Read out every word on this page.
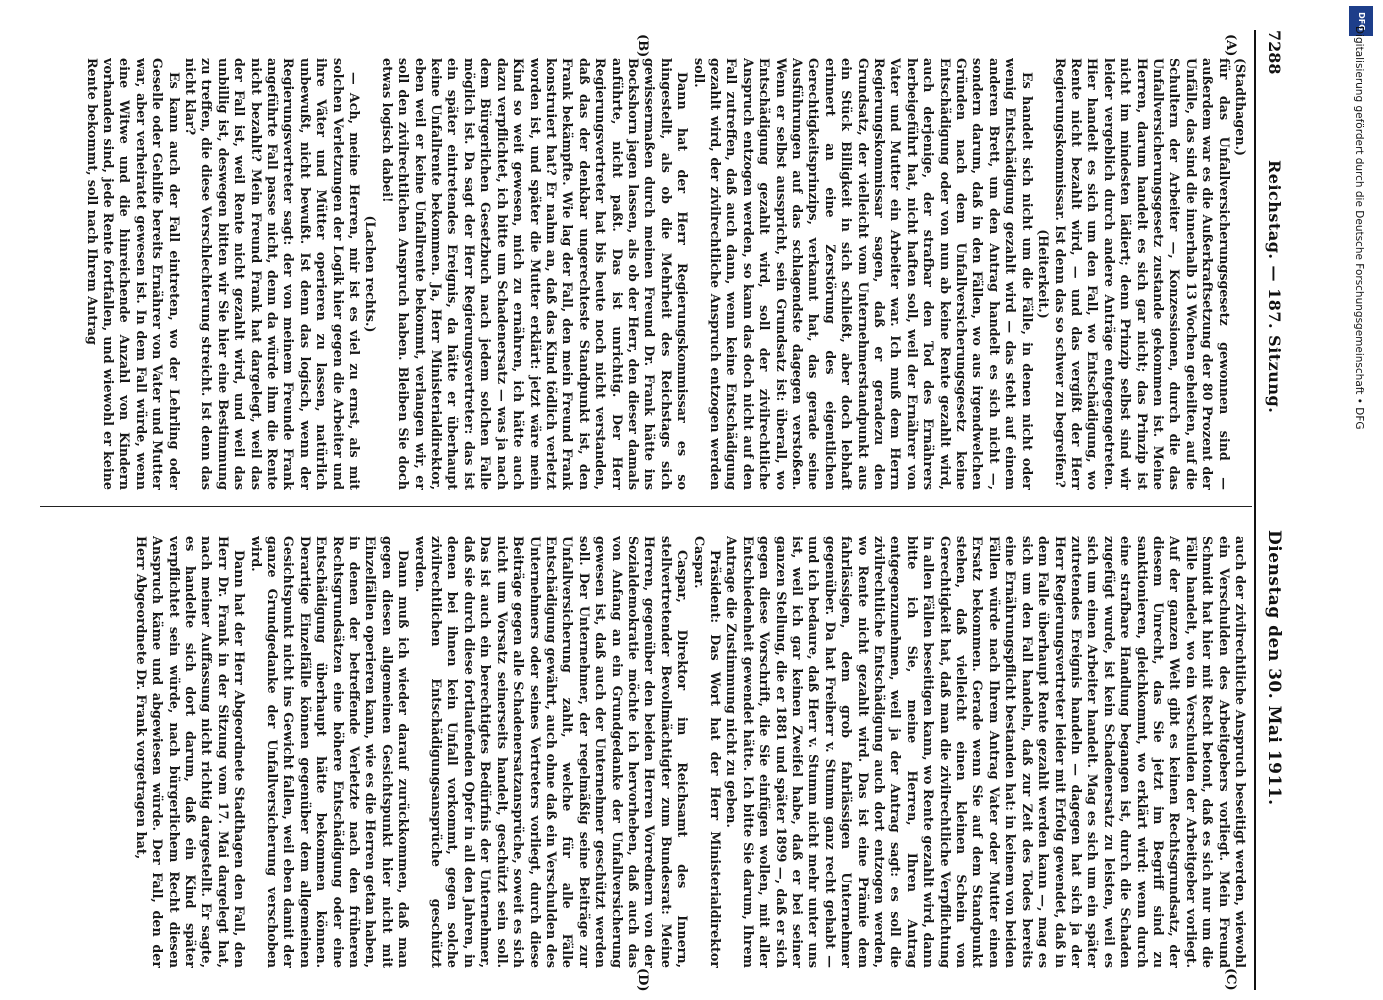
7288
Reichstag. — 187. Sitzung.
Dienstag den 30. Mai 1911.
(A)
(B)
(C)
(D)

(Stadthagen.)

für das Unfallversicherungsgesetz gewonnen sind — außerdem war es die Außerkraftsetzung der 80 Prozent der Unfälle, das sind die innerhalb 13 Wochen geheilten, auf die Schultern der Arbeiter —, Konzessionen, durch die das Unfallversicherungsgesetz zustande gekommen ist. Meine Herren, darum handelt es sich gar nicht; das Prinzip ist nicht im mindesten lädiert; denn Prinzip selbst sind wir leider vergeblich durch andere Anträge entgegengetreten. Hier handelt es sich um den Fall, wo Entschädigung, wo Rente nicht bezahlt wird, — und das vergißt der Herr Regierungskommissar. Ist denn das so schwer zu begreifen?

(Heiterkeit.)

Es handelt sich nicht um die Fälle, in denen nicht oder wenig Entschädigung gezahlt wird — das steht auf einem anderen Brett, um den Antrag handelt es sich nicht —, sondern darum, daß in den Fällen, wo aus irgendwelchen Gründen nach dem Unfallversicherungsgesetz keine Entschädigung oder von nun ab keine Rente gezahlt wird, auch derjenige, der strafbar den Tod des Ernährers herbeigeführt hat, nicht haften soll, weil der Ernährer von Vater und Mutter ein Arbeiter war. Ich muß dem Herrn Regierungskommissar sagen, daß er geradezu den Grundsatz, der vielleicht vom Unternehmerstandpunkt aus ein Stück Billigkeit in sich schließt, aber doch lebhaft erinnert an eine Zerstörung des eigentlichen Gerechtigkeitsprinzips, verkannt hat, das gerade seine Ausführungen auf das schlagendste dagegen verstoßen. Wenn er selbst ausspricht, sein Grundsatz ist: überall, wo Entschädigung gezahlt wird, soll der zivilrechtliche Anspruch entzogen werden, so kann das doch nicht auf den Fall zutreffen, daß auch dann, wenn keine Entschädigung gezahlt wird, der zivilrechtliche Anspruch entzogen werden soll.

Dann hat der Herr Regierungskommissar es so hingestellt, als ob die Mehrheit des Reichstags sich gewissermaßen durch meinen Freund Dr. Frank hätte ins Bockshorn jagen lassen, als ob der Herr, den dieser damals anführte, nicht paßt. Das ist unrichtig. Der Herr Regierungsvertreter hat bis heute noch nicht verstanden, daß das der denkbar ungerechteste Standpunkt ist, den Frank bekämpfte. Wie lag der Fall, den mein Freund Frank konstruiert hat? Er nahm an, daß das Kind tödlich verletzt worden ist, und später die Mutter erklärt: jetzt wäre mein Kind so weit gewesen, mich zu ernähren, ich hätte auch dazu verpflichtet, ich bitte um Schadenersatz — was ja nach dem Bürgerlichen Gesetzbuch nach jedem solchen Falle möglich ist. Da sagt der Herr Regierungsvertreter: das ist ein später eintretendes Ereignis, da hätte er überhaupt keine Unfallrente bekommen. Ja, Herr Ministerialdirektor, eben weil er keine Unfallrente bekommt, verlangen wir, er soll den zivilrechtlichen Anspruch haben. Bleiben Sie doch etwas logisch dabei!

(Lachen rechts.)

— Ach, meine Herren, mir ist es viel zu ernst, als mit solchen Verletzungen der Logik hier gegen die Arbeiter und ihre Väter und Mütter operieren zu lassen, natürlich unbewußt, nicht bewußt. Ist denn das logisch, wenn der Regierungsvertreter sagt: der von meinem Freunde Frank angeführte Fall passe nicht, denn da würde ihm die Rente nicht bezahlt? Mein Freund Frank hat dargelegt, weil das der Fall ist, weil Rente nicht gezahlt wird, und weil das unbillig ist, deswegen bitten wir Sie hier eine Bestimmung zu treffen, die diese Verschlechterung streicht. Ist denn das nicht klar?

Es kann auch der Fall eintreten, wo der Lehrling oder Geselle oder Gehilfe bereits Ernährer von Vater und Mutter war, aber verheiratet gewesen ist. In dem Fall würde, wenn eine Witwe und die hinreichende Anzahl von Kindern vorhanden sind, jede Rente fortfallen, und wiewohl er keine Rente bekommt, soll nach Ihrem Antrag

auch der zivilrechtliche Anspruch beseitigt werden, wiewohl ein Verschulden des Arbeitgebers vorliegt. Mein Freund Schmidt hat hier mit Recht betont, daß es sich nur um die Fälle handelt, wo ein Verschulden der Arbeitgeber vorliegt. Auf der ganzen Welt gibt es keinen Rechtsgrundsatz, der diesem Unrecht, das Sie jetzt im Begriff sind zu sanktionieren, gleichkommt, wo erklärt wird: wenn durch eine strafbare Handlung begangen ist, durch die Schaden zugefügt wurde, ist kein Schadenersatz zu leisten, weil es sich um einen Arbeiter handelt. Mag es sich um ein später zutretendes Ereignis handeln — dagegen hat sich ja der Herr Regierungsvertreter leider mit Erfolg gewendet, daß in dem Falle überhaupt Rente gezahlt werden kann —, mag es sich um den Fall handeln, daß zur Zeit des Todes bereits eine Ernährungspflicht bestanden hat: in keinem von beiden Fällen würde nach Ihrem Antrag Vater oder Mutter einen Ersatz bekommen. Gerade wenn Sie auf dem Standpunkt stehen, daß vielleicht einen kleinen Schein von Gerechtigkeit hat, daß man die zivilrechtliche Verpflichtung in allen Fällen beseitigen kann, wo Rente gezahlt wird, dann bitte ich Sie, meine Herren, Ihren Antrag entgegenzunehmen, weil ja der Antrag sagt: es soll die zivilrechtliche Entschädigung auch dort entzogen werden, wo Rente nicht gezahlt wird. Das ist eine Prämie dem fahrlässigen, dem grob fahrlässigen Unternehmer gegenüber. Da hat Freiherr v. Stumm ganz recht gehabt — und ich bedaure, daß Herr v. Stumm nicht mehr unter uns ist, weil ich gar keinen Zweifel habe, daß er bei seiner ganzen Stellung, die er 1881 und später 1899 —, daß er sich gegen diese Vorschrift, die Sie einfügen wollen, mit aller Entschiedenheit gewendet hätte. Ich bitte Sie darum, Ihrem Antrage die Zustimmung nicht zu geben.

Präsident: Das Wort hat der Herr Ministerialdirektor Caspar.

Caspar, Direktor im Reichsamt des Innern, stellvertretender Bevollmächtigter zum Bundesrat: Meine Herren, gegenüber den beiden Herren Vorrednern von der Sozialdemokratie möchte ich hervorheben, daß auch das von Anfang an ein Grundgedanke der Unfallversicherung gewesen ist, daß auch der Unternehmer geschützt werden soll. Der Unternehmer, der regelmäßig seine Beiträge zur Unfallversicherung zahlt, welche für alle Fälle Entschädigung gewährt, auch ohne daß ein Verschulden des Unternehmers oder seines Vertreters vorliegt, durch diese Beiträge gegen alle Schadenersatzansprüche, soweit es sich nicht um Vorsatz seinerseits handelt, geschützt sein soll. Das ist auch ein berechtigtes Bedürfnis der Unternehmer, daß sie durch diese fortlaufenden Opfer in all den Jahren, in denen bei ihnen kein Unfall vorkommt, gegen solche zivilrechtlichen Entschädigungsansprüche geschützt werden.

Dann muß ich wieder darauf zurückkommen, daß man gegen diesen allgemeinen Gesichtspunkt hier nicht mit Einzelfällen operieren kann, wie es die Herren getan haben, in denen der betreffende Verletzte nach den früheren Rechtsgrundsätzen eine höhere Entschädigung oder eine Entschädigung überhaupt hätte bekommen können. Derartige Einzelfälle können gegenüber dem allgemeinen Gesichtspunkt nicht ins Gewicht fallen, weil eben damit der ganze Grundgedanke der Unfallversicherung verschoben wird.

Dann hat der Herr Abgeordnete Stadthagen den Fall, den Herr Dr. Frank in der Sitzung vom 17. Mai dargelegt hat, nach meiner Auffassung nicht richtig dargestellt. Er sagte, es handelte sich dort darum, daß ein Kind später verpflichtet sein würde, nach bürgerlichem Recht diesen Anspruch käme und abgewiesen würde. Der Fall, den der Herr Abgeordnete Dr. Frank vorgetragen hat,

DFG
Digitalisierung gefördert durch die Deutsche Forschungsgemeinschaft • DFG
